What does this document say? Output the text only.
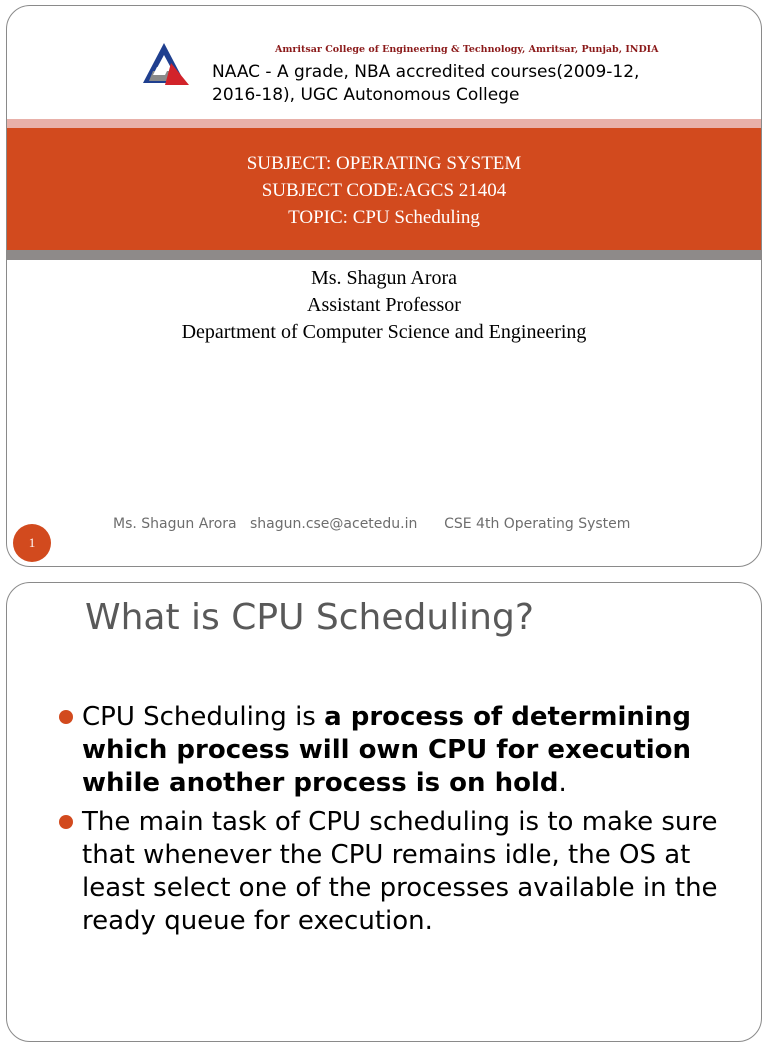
Amritsar College of Engineering & Technology, Amritsar, Punjab, INDIA
NAAC - A grade, NBA accredited courses(2009-12, 2016-18), UGC Autonomous College
SUBJECT: OPERATING SYSTEM
SUBJECT CODE:AGCS 21404
TOPIC: CPU Scheduling
Ms. Shagun Arora
Assistant Professor
Department of Computer Science and Engineering
Ms. Shagun Arora shagun.cse@acetedu.in CSE 4th Operating System
1
What is CPU Scheduling?
CPU Scheduling is a process of determining which process will own CPU for execution while another process is on hold.
The main task of CPU scheduling is to make sure that whenever the CPU remains idle, the OS at least select one of the processes available in the ready queue for execution.
